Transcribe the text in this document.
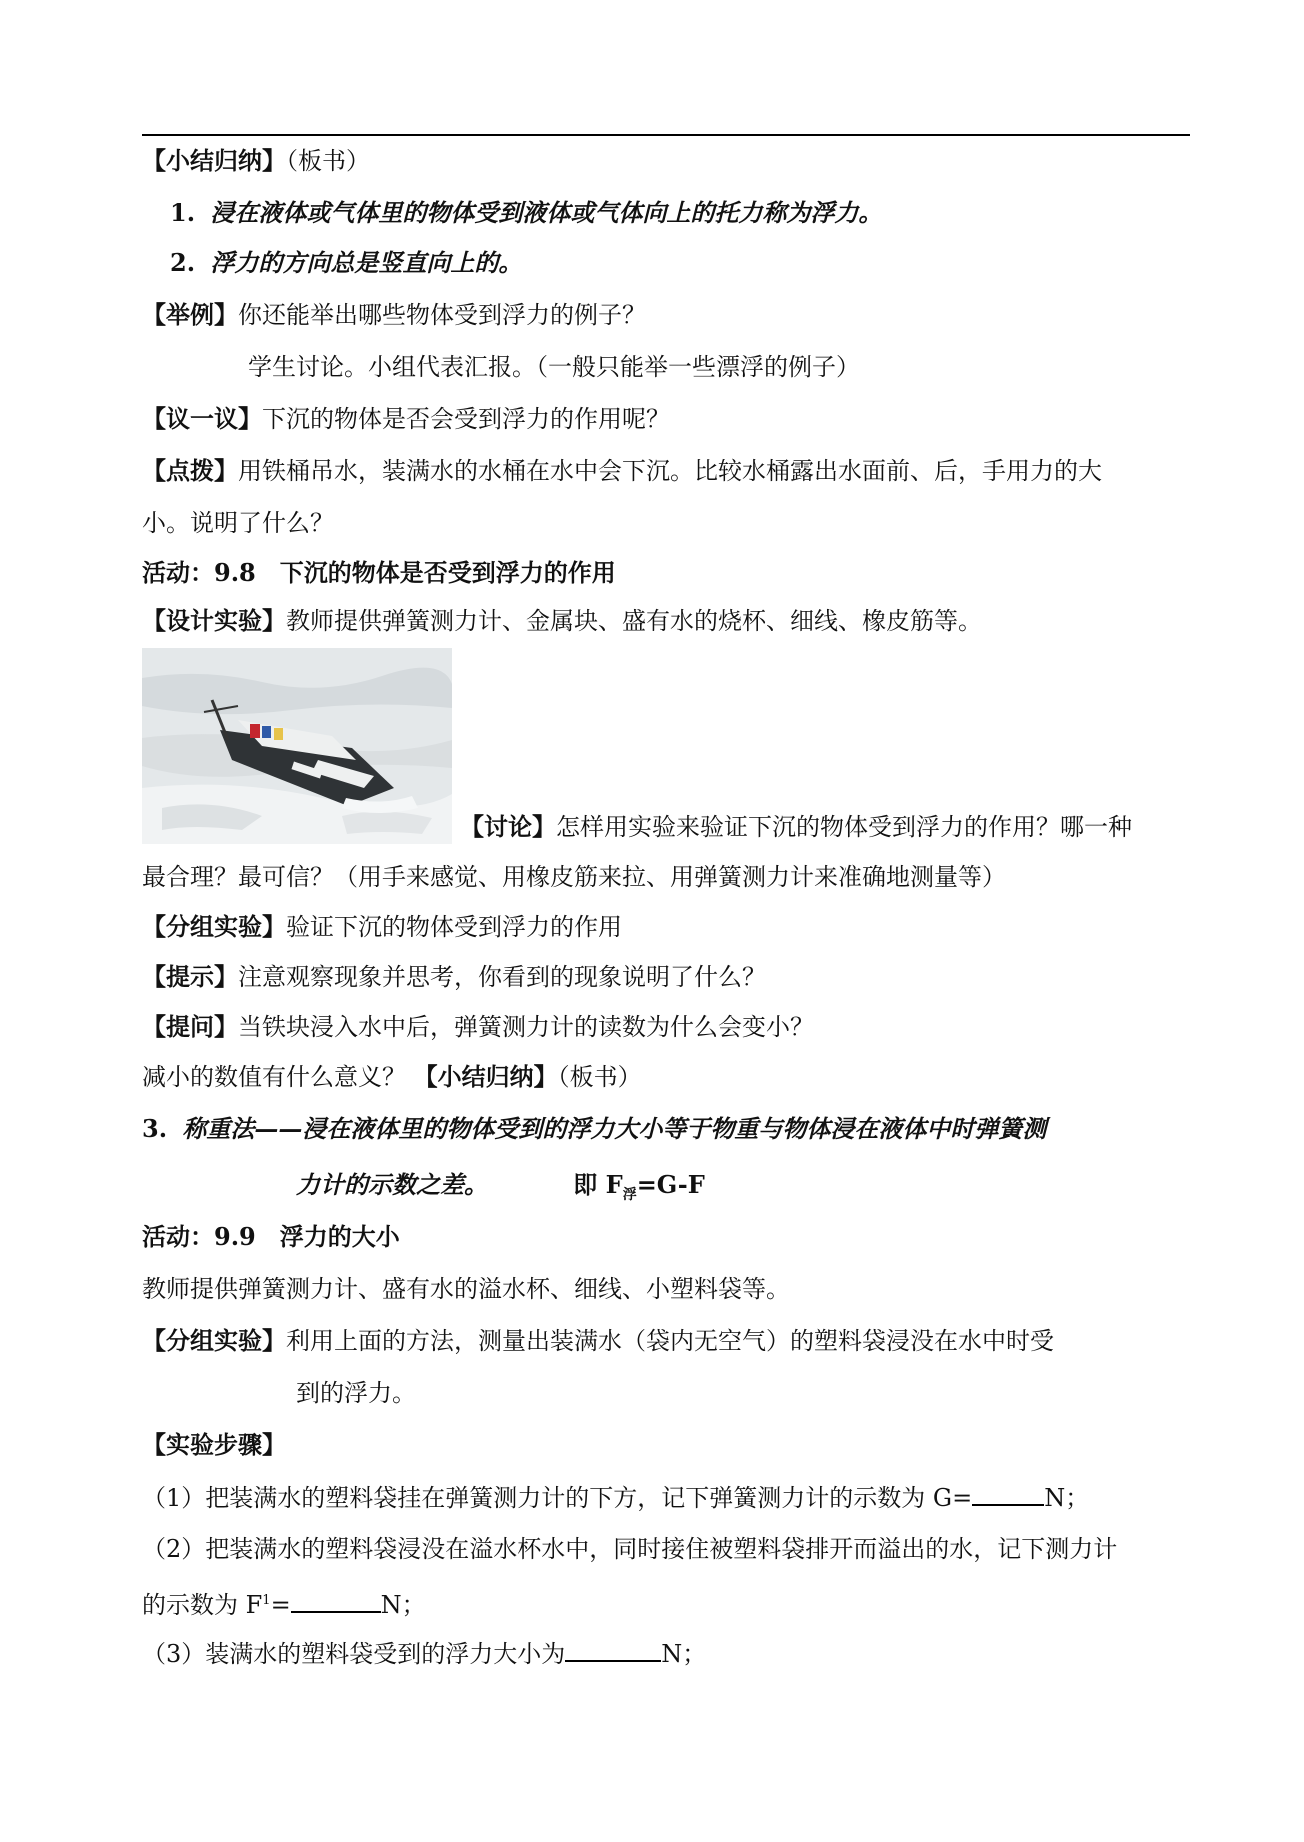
【小结归纳】（板书）
1. 浸在液体或气体里的物体受到液体或气体向上的托力称为浮力。
2. 浮力的方向总是竖直向上的。
【举例】你还能举出哪些物体受到浮力的例子？
学生讨论。小组代表汇报。（一般只能举一些漂浮的例子）
【议一议】下沉的物体是否会受到浮力的作用呢？
【点拨】用铁桶吊水，装满水的水桶在水中会下沉。比较水桶露出水面前、后，手用力的大
小。说明了什么？
活动：9.8　下沉的物体是否受到浮力的作用
【设计实验】教师提供弹簧测力计、金属块、盛有水的烧杯、细线、橡皮筋等。
【讨论】怎样用实验来验证下沉的物体受到浮力的作用？哪一种
最合理？最可信？（用手来感觉、用橡皮筋来拉、用弹簧测力计来准确地测量等）
【分组实验】验证下沉的物体受到浮力的作用
【提示】注意观察现象并思考，你看到的现象说明了什么？
【提问】当铁块浸入水中后，弹簧测力计的读数为什么会变小？
减小的数值有什么意义？ 【小结归纳】（板书）
3. 称重法——浸在液体里的物体受到的浮力大小等于物重与物体浸在液体中时弹簧测
力计的示数之差。	即 $F_浮=G-F$
活动：9.9　浮力的大小
教师提供弹簧测力计、盛有水的溢水杯、细线、小塑料袋等。
【分组实验】利用上面的方法，测量出装满水（袋内无空气）的塑料袋浸没在水中时受
到的浮力。
【实验步骤】
（1）把装满水的塑料袋挂在弹簧测力计的下方，记下弹簧测力计的示数为 G=	N；
（2）把装满水的塑料袋浸没在溢水杯水中，同时接住被塑料袋排开而溢出的水，记下测力计
的示数为 $F^1=$	N；
（3）装满水的塑料袋受到的浮力大小为	N；
